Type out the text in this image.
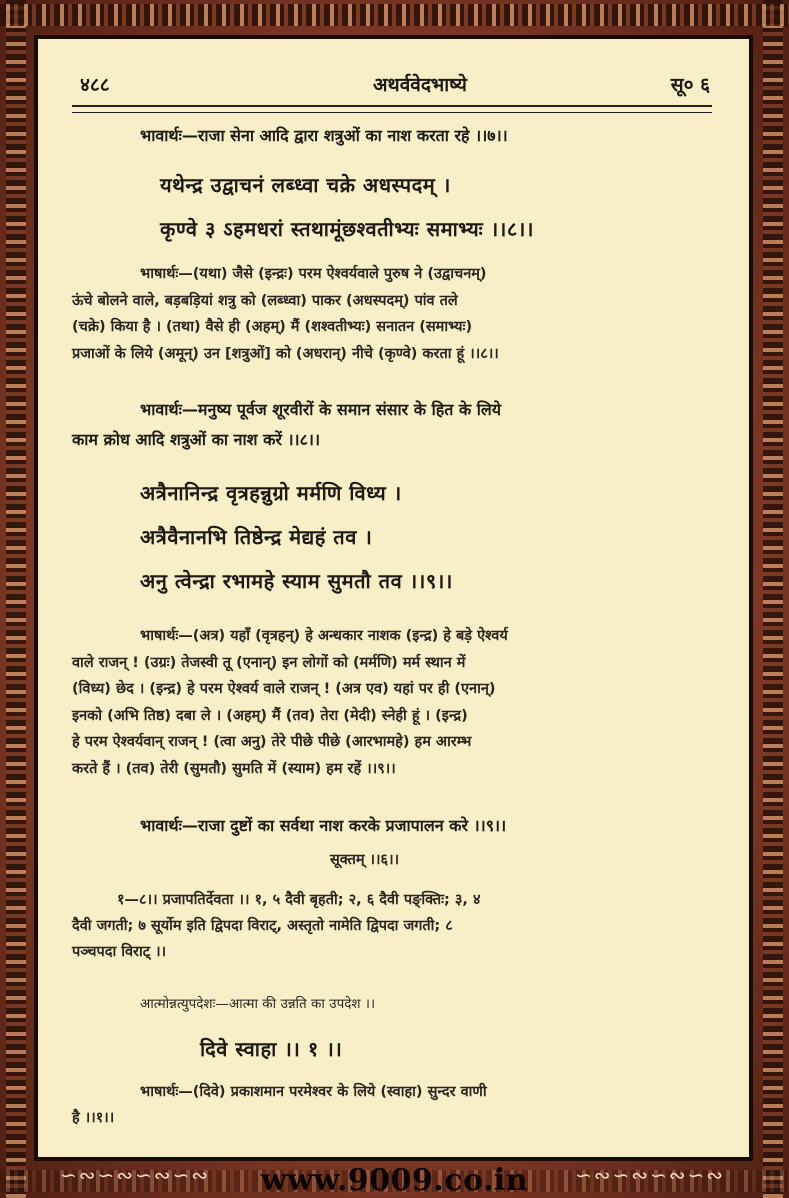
∽∾∽∾∽∾∽∾	∽∾∽∾∽∾∽∾
४८८	अथर्ववेदभाष्ये	सू० ६
भावार्थः—राजा सेना आदि द्वारा शत्रुओं का नाश करता रहे ।।७।।
यथेन्द्र उद्वाचनं लब्ध्वा चक्रे अधस्पदम् ।
कृण्वे ३ ऽहमधरां स्तथामूंछश्वतीभ्यः समाभ्यः ।।८।।

भाषार्थः—(यथा) जैसे (इन्द्रः) परम ऐश्वर्यवाले पुरुष ने (उद्वाचनम्)

ऊंचे बोलने वाले, बड़बड़ियां शत्रु को (लब्ध्वा) पाकर (अधस्पदम्) पांव तले

(चक्रे) किया है । (तथा) वैसे ही (अहम्) मैं (शश्वतीभ्यः) सनातन (समाभ्यः)

प्रजाओं के लिये (अमून्) उन [शत्रुओं] को (अधरान्) नीचे (कृण्वे) करता हूं ।।८।।

भावार्थः—मनुष्य पूर्वज शूरवीरों के समान संसार के हित के लिये

काम क्रोध आदि शत्रुओं का नाश करें ।।८।।

अत्रैनानिन्द्र वृत्रहन्नुग्रो मर्मणि विध्य ।
अत्रैवैनानभि तिष्ठेन्द्र मेद्यहं तव ।
अनु त्वेन्द्रा रभामहे स्याम सुमतौ तव ।।९।।

भाषार्थः—(अत्र) यहाँ (वृत्रहन्) हे अन्धकार नाशक (इन्द्र) हे बड़े ऐश्वर्य

वाले राजन् ! (उग्रः) तेजस्वी तू (एनान्) इन लोगों को (मर्मणि) मर्म स्थान में

(विध्य) छेद । (इन्द्र) हे परम ऐश्वर्य वाले राजन् ! (अत्र एव) यहां पर ही (एनान्)

इनको (अभि तिष्ठ) दबा ले । (अहम्) मैं (तव) तेरा (मेदी) स्नेही हूं । (इन्द्र)

हे परम ऐश्वर्यवान् राजन् ! (त्वा अनु) तेरे पीछे पीछे (आरभामहे) हम आरम्भ

करते हैं । (तव) तेरी (सुमतौ) सुमति में (स्याम) हम रहें ।।९।।

भावार्थः—राजा दुष्टों का सर्वथा नाश करके प्रजापालन करे ।।९।।
सूक्तम् ।।६।।

१—८।। प्रजापतिर्देवता ।। १, ५ दैवी बृहती; २, ६ दैवी पङ्क्तिः; ३, ४

दैवी जगती; ७ सूर्योम इति द्विपदा विराट्, अस्तृतो नामेति द्विपदा जगती; ८

पञ्चपदा विराट् ।।

आत्मोन्नत्युपदेशः—आत्मा की उन्नति का उपदेश ।।
दिवे स्वाहा ।। १ ।।

भाषार्थः—(दिवे) प्रकाशमान परमेश्वर के लिये (स्वाहा) सुन्दर वाणी

है ।।१।।

www.9009.co.in
